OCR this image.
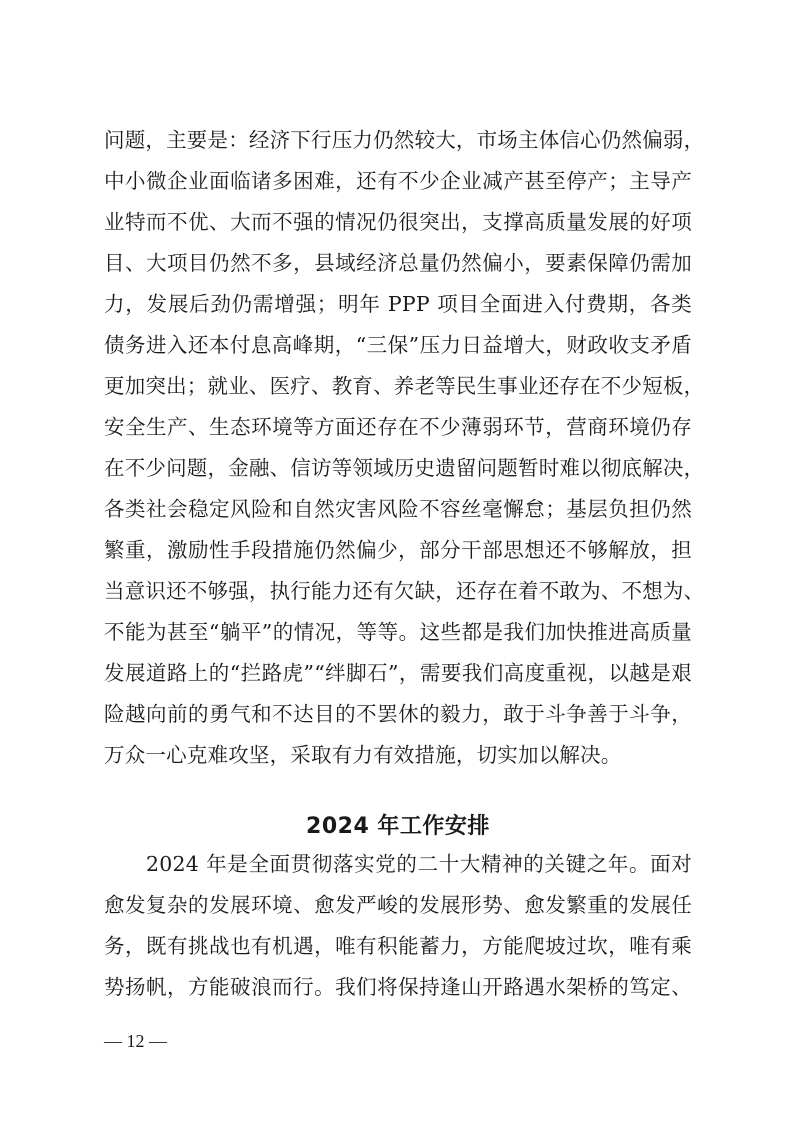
问题，主要是：经济下行压力仍然较大，市场主体信心仍然偏弱，
中小微企业面临诸多困难，还有不少企业减产甚至停产；主导产
业特而不优、大而不强的情况仍很突出，支撑高质量发展的好项
目、大项目仍然不多，县域经济总量仍然偏小，要素保障仍需加
力，发展后劲仍需增强；明年 PPP 项目全面进入付费期，各类
债务进入还本付息高峰期，“三保”压力日益增大，财政收支矛盾
更加突出；就业、医疗、教育、养老等民生事业还存在不少短板，
安全生产、生态环境等方面还存在不少薄弱环节，营商环境仍存
在不少问题，金融、信访等领域历史遗留问题暂时难以彻底解决，
各类社会稳定风险和自然灾害风险不容丝毫懈怠；基层负担仍然
繁重，激励性手段措施仍然偏少，部分干部思想还不够解放，担
当意识还不够强，执行能力还有欠缺，还存在着不敢为、不想为、
不能为甚至“躺平”的情况，等等。这些都是我们加快推进高质量
发展道路上的“拦路虎”“绊脚石”，需要我们高度重视，以越是艰
险越向前的勇气和不达目的不罢休的毅力，敢于斗争善于斗争，
万众一心克难攻坚，采取有力有效措施，切实加以解决。
2024 年工作安排
2024 年是全面贯彻落实党的二十大精神的关键之年。面对
愈发复杂的发展环境、愈发严峻的发展形势、愈发繁重的发展任
务，既有挑战也有机遇，唯有积能蓄力，方能爬坡过坎，唯有乘
势扬帆，方能破浪而行。我们将保持逢山开路遇水架桥的笃定、
— 12 —
